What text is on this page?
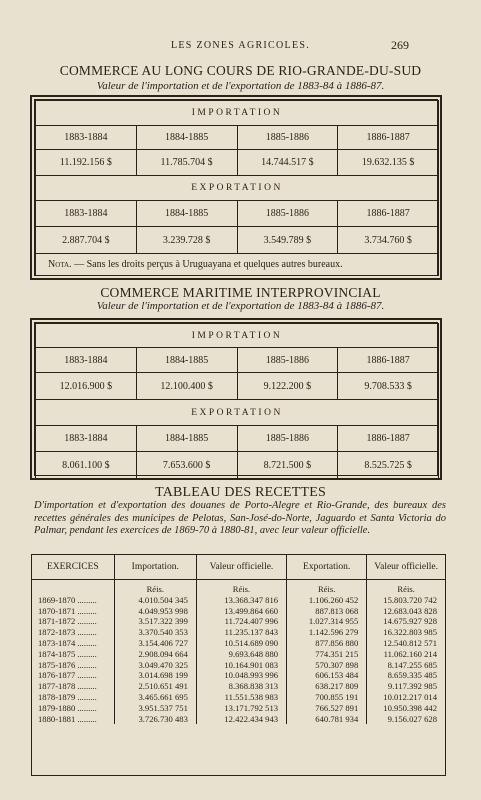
LES ZONES AGRICOLES.	269
COMMERCE AU LONG COURS DE RIO-GRANDE-DU-SUD
Valeur de l'importation et de l'exportation de 1883-84 à 1886-87.
IMPORTATION			
1883-1884	1884-1885	1885-1886	1886-1887
11.192.156 $	11.785.704 $	14.744.517 $	19.632.135 $
EXPORTATION			
1883-1884	1884-1885	1885-1886	1886-1887
2.887.704 $	3.239.728 $	3.549.789 $	3.734.760 $
Nota. — Sans les droits perçus à Uruguayana et quelques autres bureaux.			
COMMERCE MARITIME INTERPROVINCIAL
Valeur de l'importation et de l'exportation de 1883-84 à 1886-87.
IMPORTATION			
1883-1884	1884-1885	1885-1886	1886-1887
12.016.900 $	12.100.400 $	9.122.200 $	9.708.533 $
EXPORTATION			
1883-1884	1884-1885	1885-1886	1886-1887
8.061.100 $	7.653.600 $	8.721.500 $	8.525.725 $
TABLEAU DES RECETTES
D'importation et d'exportation des douanes de Porto-Alegre et Rio-Grande, des bureaux des recettes générales des municipes de Pelotas, San-José-do-Norte, Jaguardo et Santa Victoria do Palmar, pendant les exercices de 1869-70 à 1880-81, avec leur valeur officielle.
EXERCICES	Importation.	Valeur officielle.	Exportation.	Valeur officielle.
	Réis.	Réis.	Réis.	Réis.
1869-1870 .........	4.010.504 345	13.368.347 816	1.106.260 452	15.803.720 742
1870-1871 .........	4.049.953 998	13.499.864 660	887.813 068	12.683.043 828
1871-1872 .........	3.517.322 399	11.724.407 996	1.027.314 955	14.675.927 928
1872-1873 .........	3.370.540 353	11.235.137 843	1.142.596 279	16.322.803 985
1873-1874 .........	3.154.406 727	10.514.689 090	877.856 880	12.540.812 571
1874-1875 .........	2.908.094 664	9.693.648 880	774.351 215	11.062.160 214
1875-1876 .........	3.049.470 325	10.164.901 083	570.307 898	8.147.255 685
1876-1877 .........	3.014.698 199	10.048.993 996	606.153 484	8.659.335 485
1877-1878 .........	2.510.651 491	8.368.838 313	638.217 809	9.117.392 985
1878-1879 .........	3.465.661 695	11.551.538 983	700.855 191	10.012.217 014
1879-1880 .........	3.951.537 751	13.171.792 513	766.527 891	10.950.398 442
1880-1881 .........	3.726.730 483	12.422.434 943	640.781 934	9.156.027 628
